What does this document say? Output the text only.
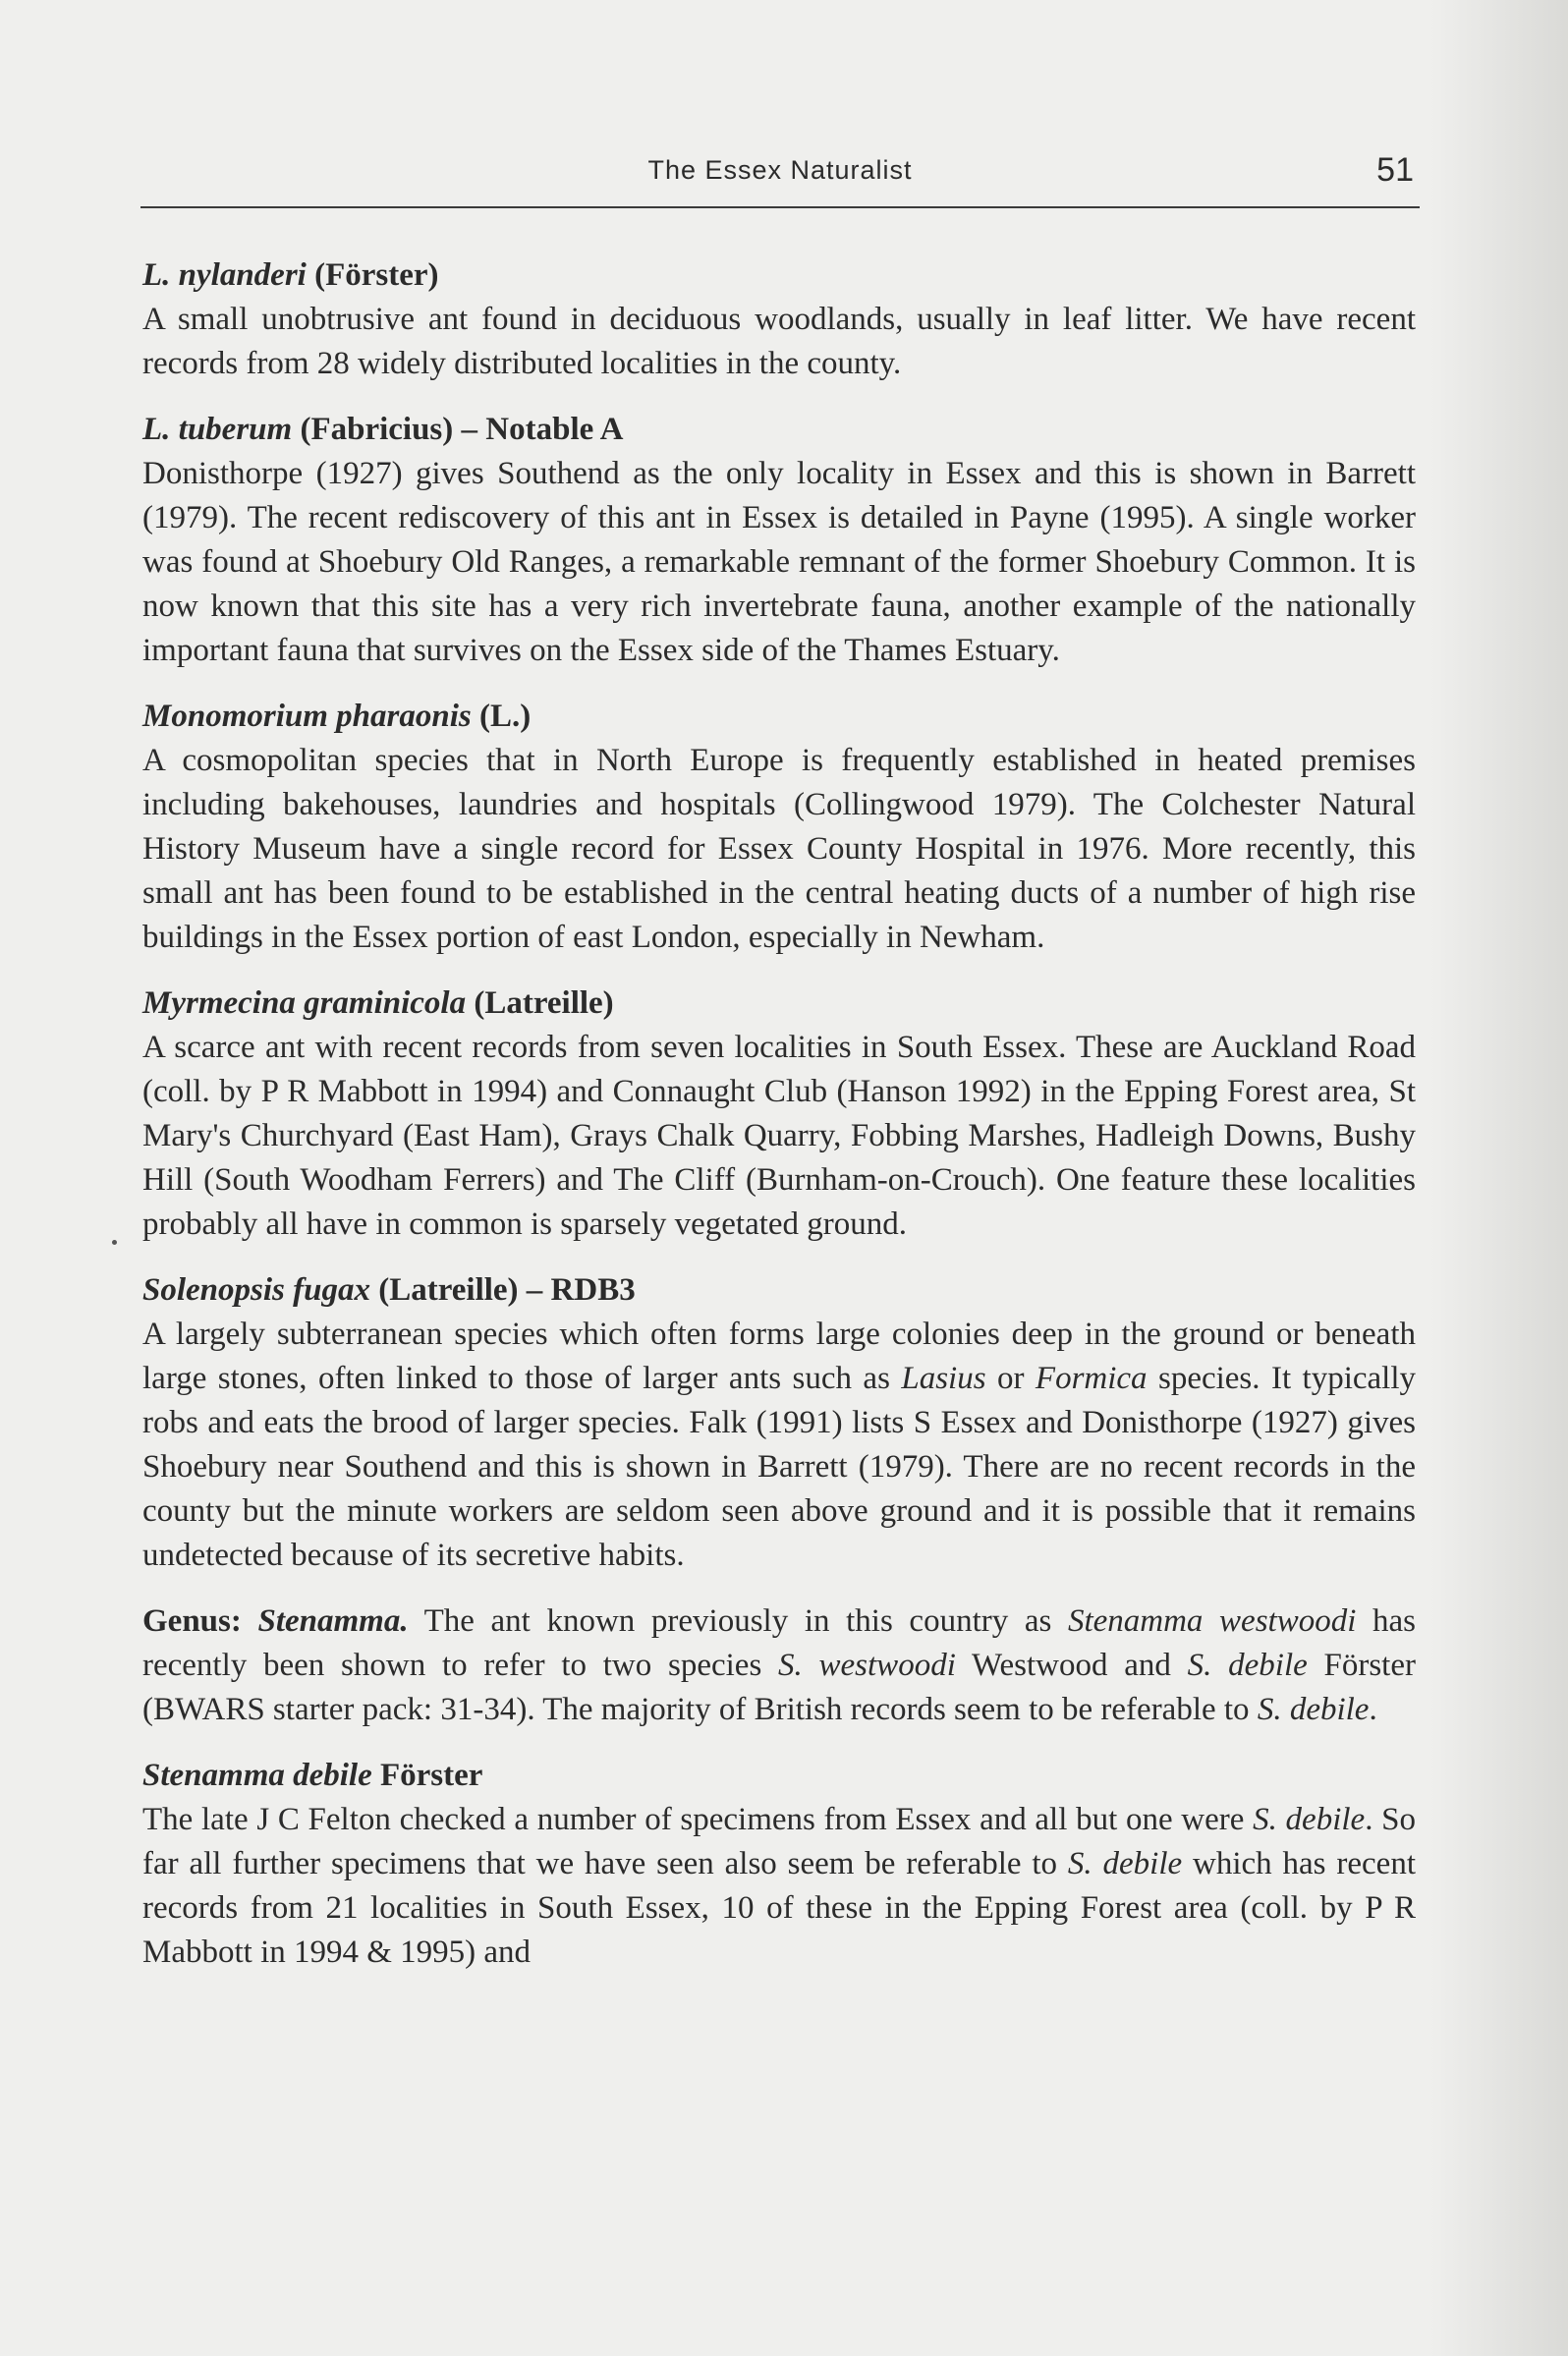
The Essex Naturalist	51
L. nylanderi (Förster)

A small unobtrusive ant found in deciduous woodlands, usually in leaf litter. We have recent records from 28 widely distributed localities in the county.

L. tuberum (Fabricius) – Notable A

Donisthorpe (1927) gives Southend as the only locality in Essex and this is shown in Barrett (1979). The recent rediscovery of this ant in Essex is detailed in Payne (1995). A single worker was found at Shoebury Old Ranges, a remarkable remnant of the former Shoebury Common. It is now known that this site has a very rich invertebrate fauna, another example of the nationally important fauna that survives on the Essex side of the Thames Estuary.

Monomorium pharaonis (L.)

A cosmopolitan species that in North Europe is frequently established in heated premises including bakehouses, laundries and hospitals (Collingwood 1979). The Colchester Natural History Museum have a single record for Essex County Hospital in 1976. More recently, this small ant has been found to be established in the central heating ducts of a number of high rise buildings in the Essex portion of east London, especially in Newham.

Myrmecina graminicola (Latreille)

A scarce ant with recent records from seven localities in South Essex. These are Auckland Road (coll. by P R Mabbott in 1994) and Connaught Club (Hanson 1992) in the Epping Forest area, St Mary's Churchyard (East Ham), Grays Chalk Quarry, Fobbing Marshes, Hadleigh Downs, Bushy Hill (South Woodham Ferrers) and The Cliff (Burnham-on-Crouch). One feature these localities probably all have in common is sparsely vegetated ground.

Solenopsis fugax (Latreille) – RDB3

A largely subterranean species which often forms large colonies deep in the ground or beneath large stones, often linked to those of larger ants such as Lasius or Formica species. It typically robs and eats the brood of larger species. Falk (1991) lists S Essex and Donisthorpe (1927) gives Shoebury near Southend and this is shown in Barrett (1979). There are no recent records in the county but the minute workers are seldom seen above ground and it is possible that it remains undetected because of its secretive habits.

Genus: Stenamma. The ant known previously in this country as Stenamma westwoodi has recently been shown to refer to two species S. westwoodi Westwood and S. debile Förster (BWARS starter pack: 31-34). The majority of British records seem to be referable to S. debile.

Stenamma debile Förster

The late J C Felton checked a number of specimens from Essex and all but one were S. debile. So far all further specimens that we have seen also seem be referable to S. debile which has recent records from 21 localities in South Essex, 10 of these in the Epping Forest area (coll. by P R Mabbott in 1994 & 1995) and
